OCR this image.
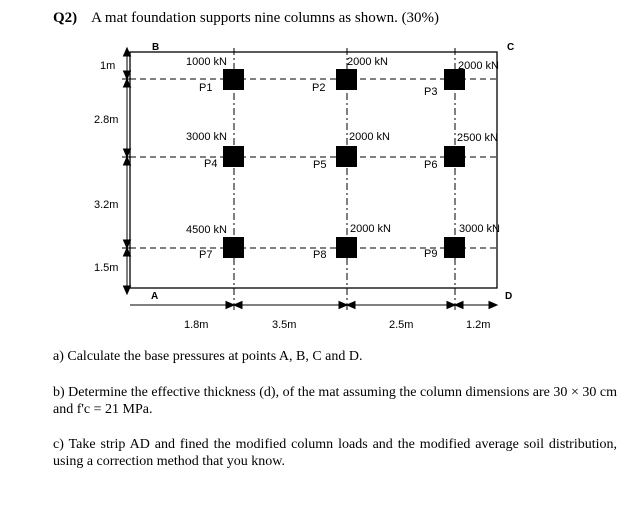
Q2) A mat foundation supports nine columns as shown. (30%)
1000 kN
P1
2000 kN
P2
2000 kN
P3
3000 kN
P4
2000 kN
P5
2500 kN
P6
4500 kN
P7
2000 kN
P8
3000 kN
P9
B	C
A	D
1m
2.8m
3.2m
1.5m
1.8m	3.5m	2.5m	1.2m

a) Calculate the base pressures at points A, B, C and D.

b) Determine the effective thickness (d), of the mat assuming the column dimensions are 30 × 30 cm and f'c = 21 MPa.

c) Take strip AD and fined the modified column loads and the modified average soil distribution, using a correction method that you know.
